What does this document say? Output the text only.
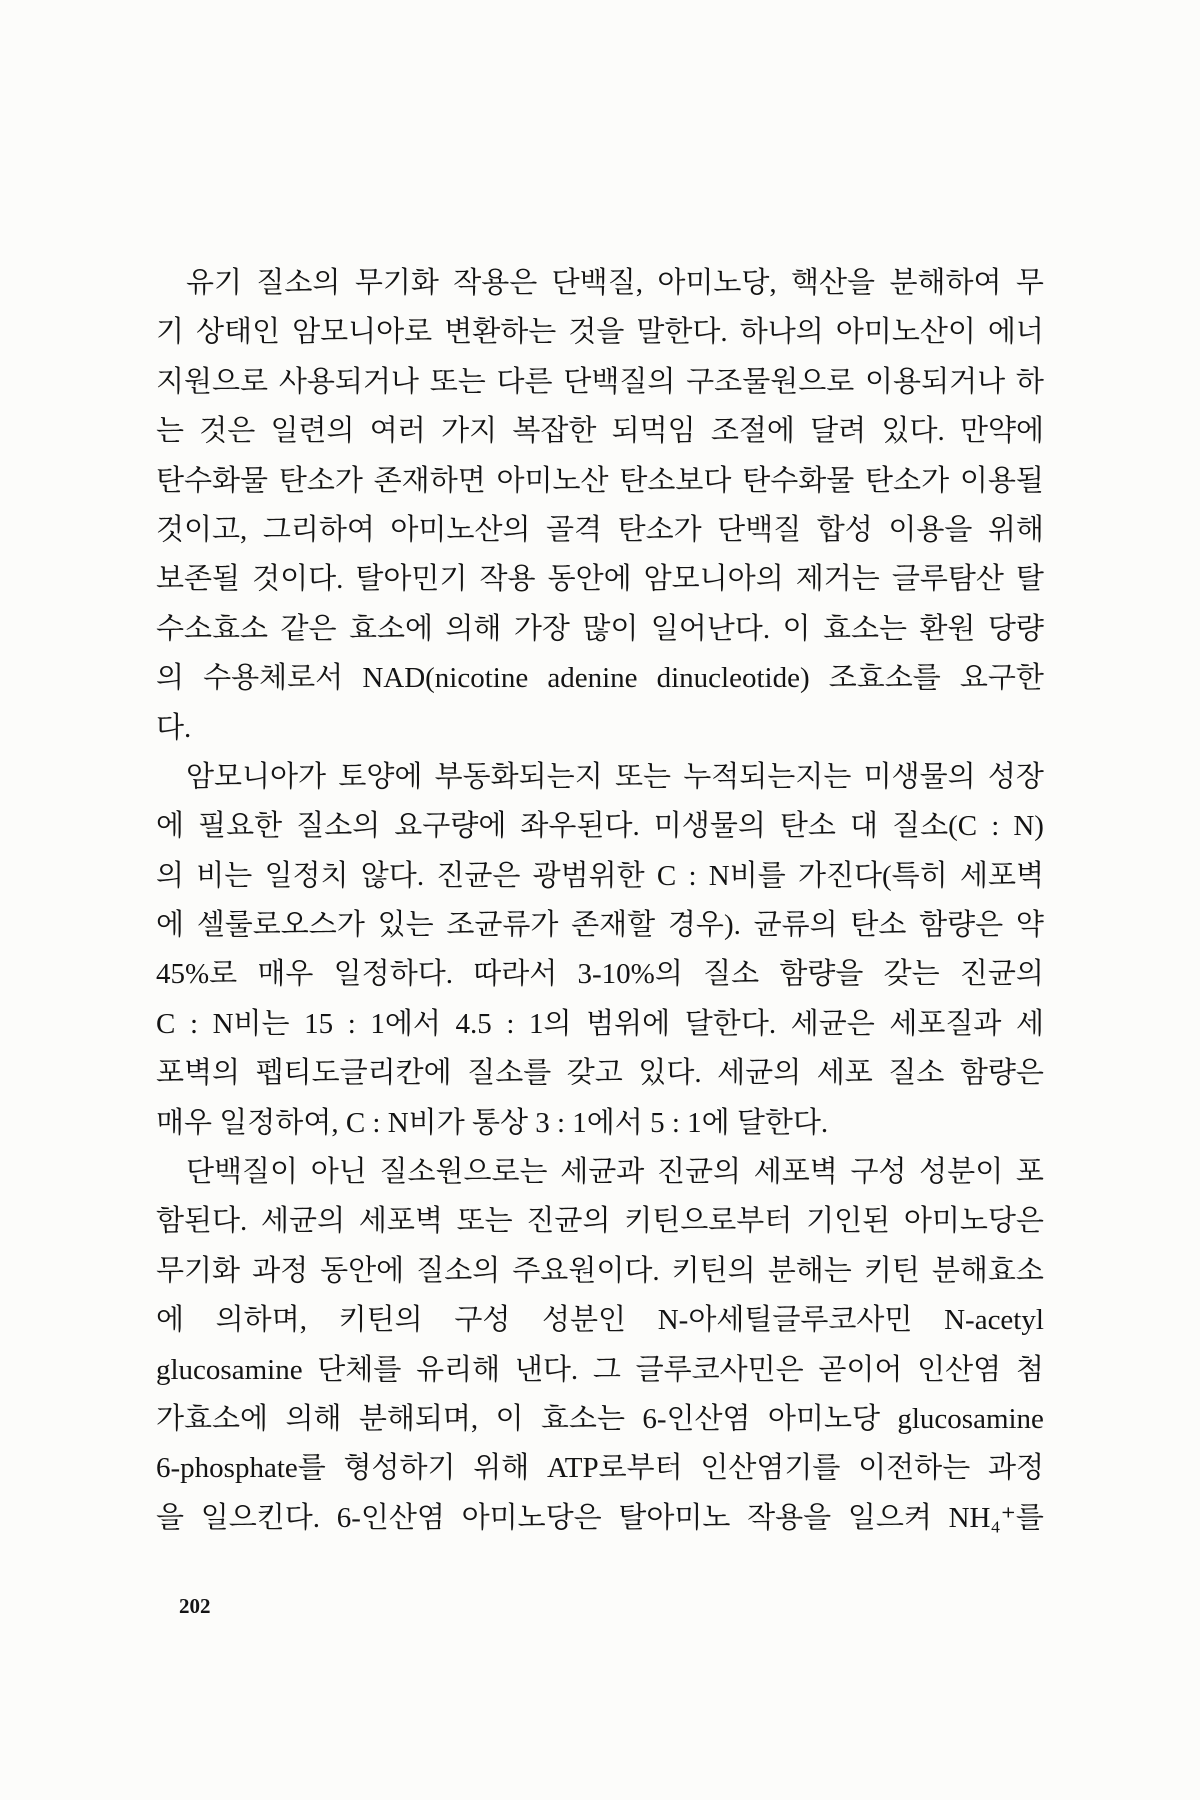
유기 질소의 무기화 작용은 단백질, 아미노당, 핵산을 분해하여 무
기 상태인 암모니아로 변환하는 것을 말한다. 하나의 아미노산이 에너
지원으로 사용되거나 또는 다른 단백질의 구조물원으로 이용되거나 하
는 것은 일련의 여러 가지 복잡한 되먹임 조절에 달려 있다. 만약에
탄수화물 탄소가 존재하면 아미노산 탄소보다 탄수화물 탄소가 이용될
것이고, 그리하여 아미노산의 골격 탄소가 단백질 합성 이용을 위해
보존될 것이다. 탈아민기 작용 동안에 암모니아의 제거는 글루탐산 탈
수소효소 같은 효소에 의해 가장 많이 일어난다. 이 효소는 환원 당량
의 수용체로서 NAD(nicotine adenine dinucleotide) 조효소를 요구한
다.
암모니아가 토양에 부동화되는지 또는 누적되는지는 미생물의 성장
에 필요한 질소의 요구량에 좌우된다. 미생물의 탄소 대 질소(C : N)
의 비는 일정치 않다. 진균은 광범위한 C : N비를 가진다(특히 세포벽
에 셀룰로오스가 있는 조균류가 존재할 경우). 균류의 탄소 함량은 약
45%로 매우 일정하다. 따라서 3-10%의 질소 함량을 갖는 진균의
C : N비는 15 : 1에서 4.5 : 1의 범위에 달한다. 세균은 세포질과 세
포벽의 펩티도글리칸에 질소를 갖고 있다. 세균의 세포 질소 함량은
매우 일정하여, C : N비가 통상 3 : 1에서 5 : 1에 달한다.
단백질이 아닌 질소원으로는 세균과 진균의 세포벽 구성 성분이 포
함된다. 세균의 세포벽 또는 진균의 키틴으로부터 기인된 아미노당은
무기화 과정 동안에 질소의 주요원이다. 키틴의 분해는 키틴 분해효소
에 의하며, 키틴의 구성 성분인 N-아세틸글루코사민 N-acetyl
glucosamine 단체를 유리해 낸다. 그 글루코사민은 곧이어 인산염 첨
가효소에 의해 분해되며, 이 효소는 6-인산염 아미노당 glucosamine
6-phosphate를 형성하기 위해 ATP로부터 인산염기를 이전하는 과정
을 일으킨다. 6-인산염 아미노당은 탈아미노 작용을 일으켜 NH₄⁺를
202
